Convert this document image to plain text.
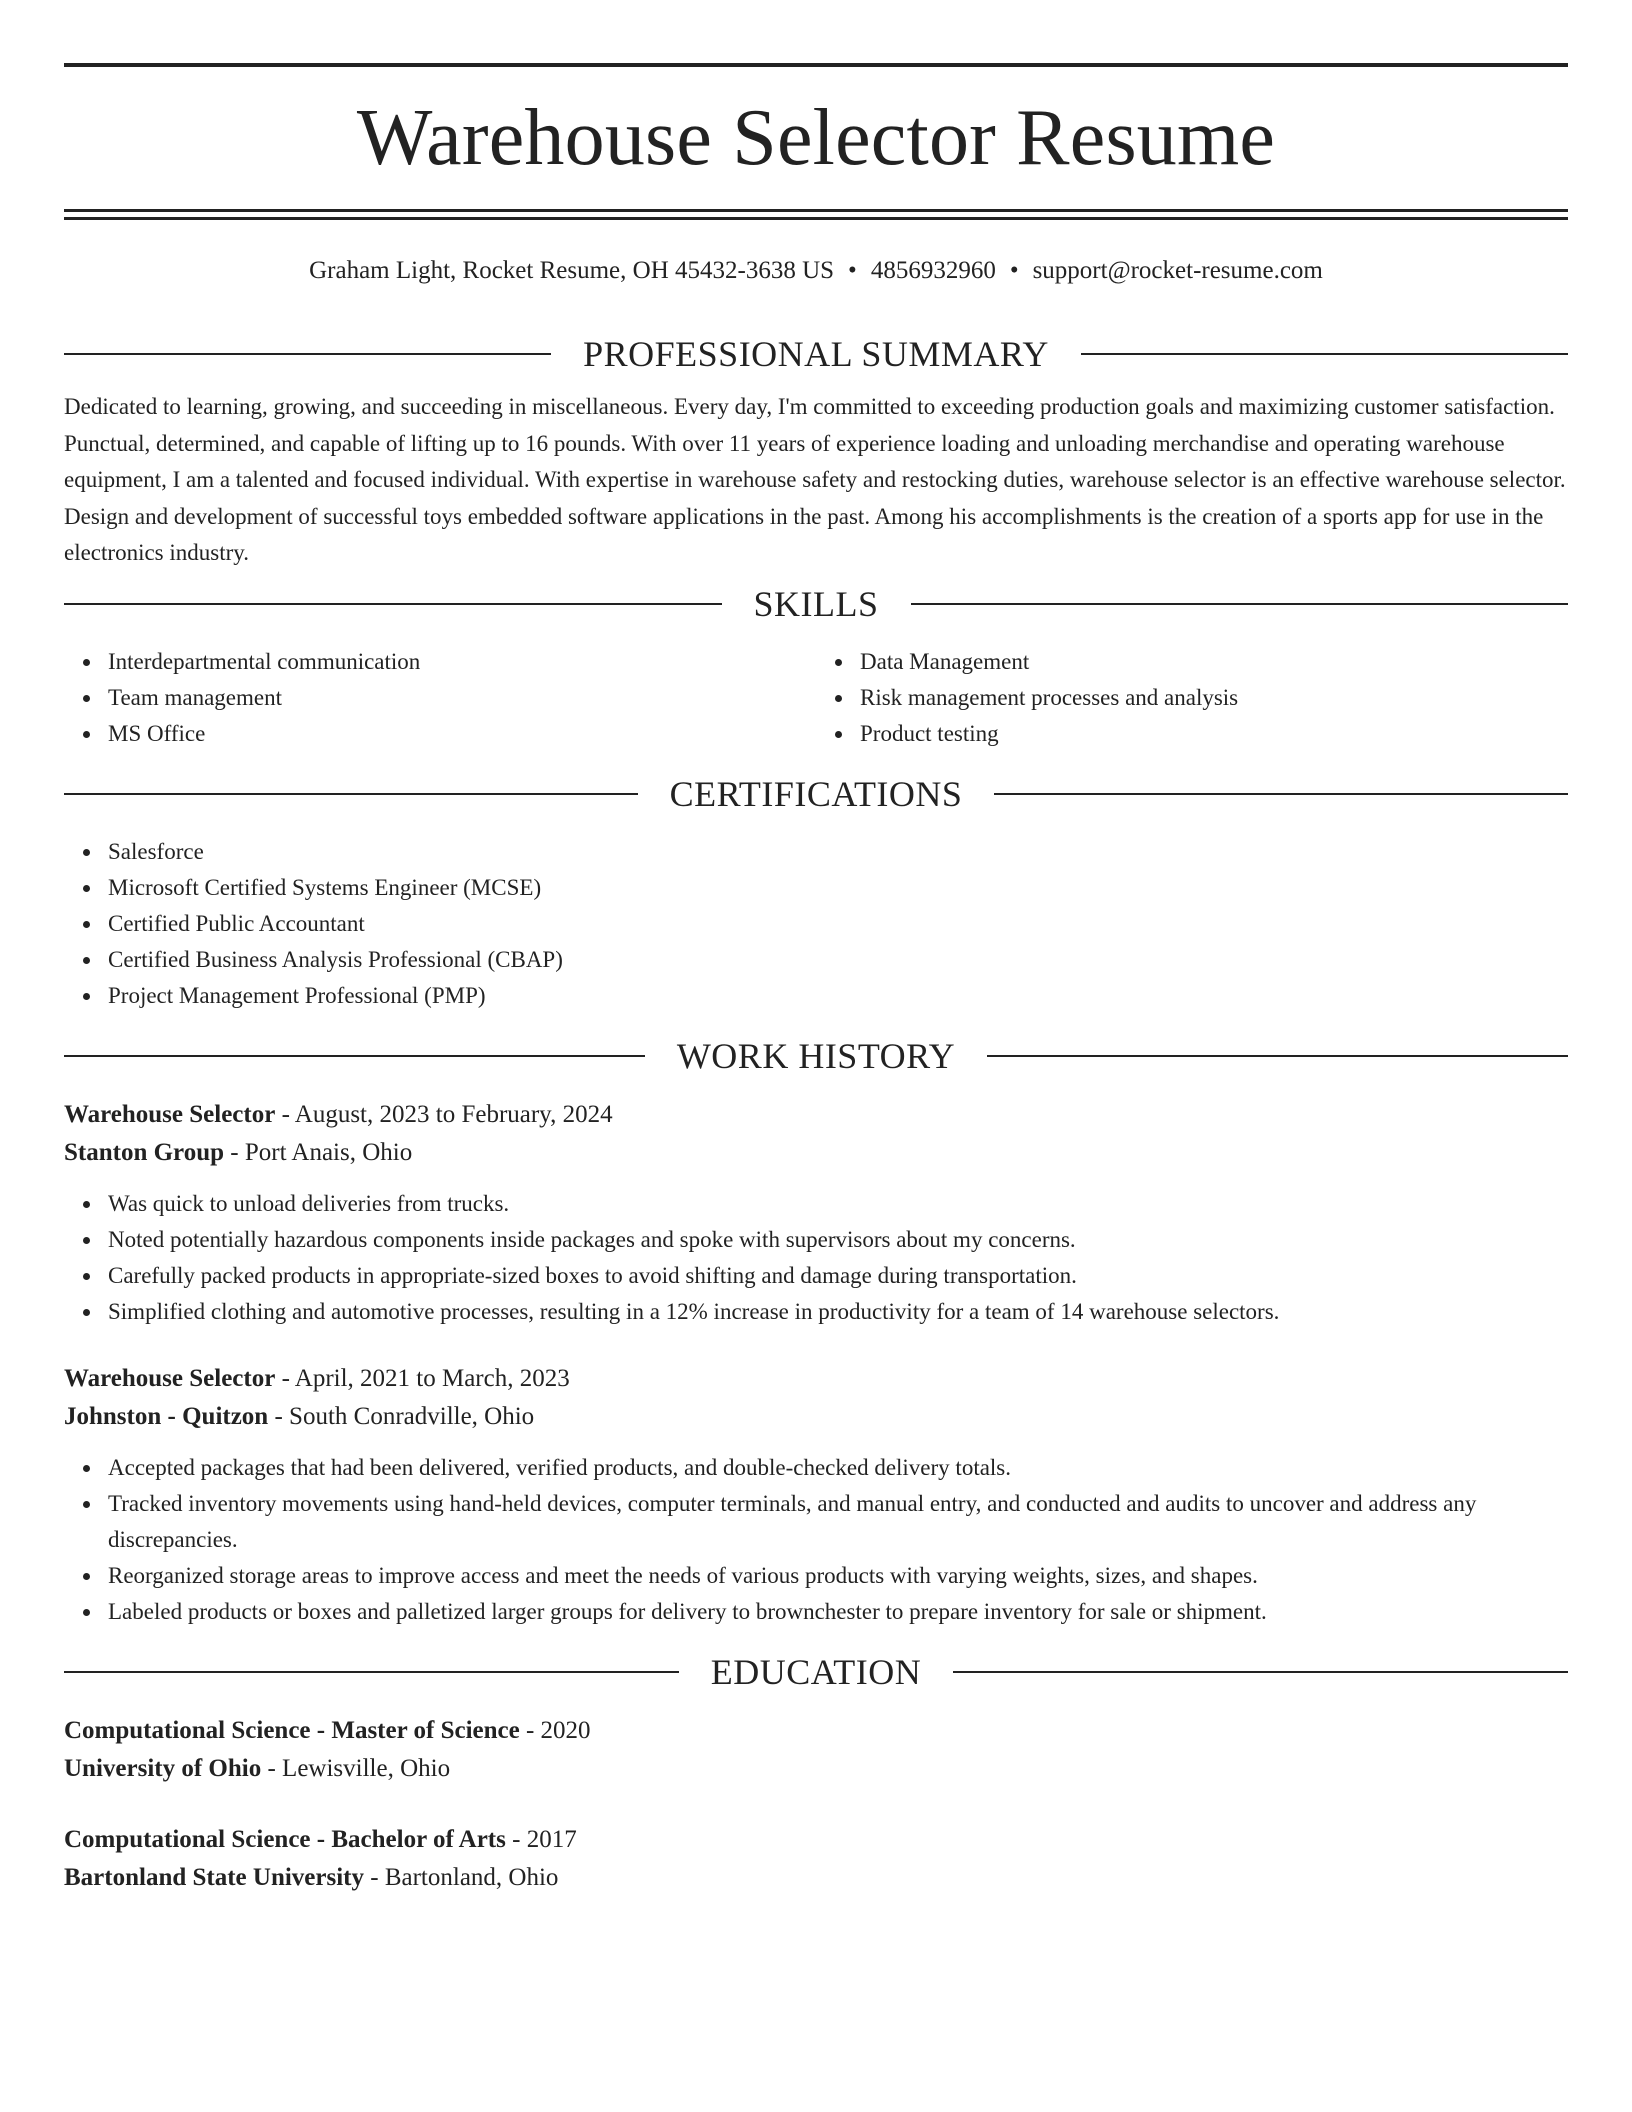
Warehouse Selector Resume
Graham Light, Rocket Resume, OH 45432-3638 US • 4856932960 • support@rocket-resume.com
PROFESSIONAL SUMMARY

Dedicated to learning, growing, and succeeding in miscellaneous. Every day, I'm committed to exceeding production goals and maximizing customer satisfaction. Punctual, determined, and capable of lifting up to 16 pounds. With over 11 years of experience loading and unloading merchandise and operating warehouse equipment, I am a talented and focused individual. With expertise in warehouse safety and restocking duties, warehouse selector is an effective warehouse selector. Design and development of successful toys embedded software applications in the past. Among his accomplishments is the creation of a sports app for use in the electronics industry.

SKILLS
Interdepartmental communication
Team management
MS Office
Data Management
Risk management processes and analysis
Product testing
CERTIFICATIONS
Salesforce
Microsoft Certified Systems Engineer (MCSE)
Certified Public Accountant
Certified Business Analysis Professional (CBAP)
Project Management Professional (PMP)
WORK HISTORY
Warehouse Selector - August, 2023 to February, 2024
Stanton Group - Port Anais, Ohio
Was quick to unload deliveries from trucks.
Noted potentially hazardous components inside packages and spoke with supervisors about my concerns.
Carefully packed products in appropriate-sized boxes to avoid shifting and damage during transportation.
Simplified clothing and automotive processes, resulting in a 12% increase in productivity for a team of 14 warehouse selectors.
Warehouse Selector - April, 2021 to March, 2023
Johnston - Quitzon - South Conradville, Ohio
Accepted packages that had been delivered, verified products, and double-checked delivery totals.
Tracked inventory movements using hand-held devices, computer terminals, and manual entry, and conducted and audits to uncover and address any discrepancies.
Reorganized storage areas to improve access and meet the needs of various products with varying weights, sizes, and shapes.
Labeled products or boxes and palletized larger groups for delivery to brownchester to prepare inventory for sale or shipment.
EDUCATION
Computational Science - Master of Science - 2020
University of Ohio - Lewisville, Ohio
Computational Science - Bachelor of Arts - 2017
Bartonland State University - Bartonland, Ohio
